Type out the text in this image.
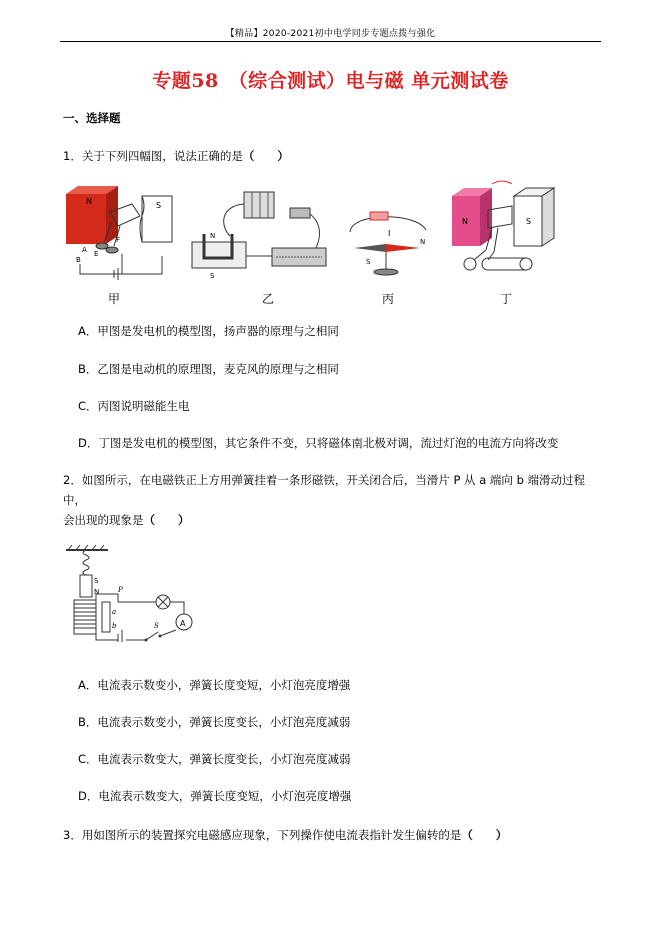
【精品】2020-2021初中电学同步专题点拨与强化
专题58　（综合测试）电与磁 单元测试卷
一、选择题
1．关于下列四幅图，说法正确的是（　　）
N	S
E
F
A
B
甲
N
S
乙
I
N
S
丙
N	S
丁
A．甲图是发电机的模型图，扬声器的原理与之相同
B．乙图是电动机的原理图，麦克风的原理与之相同
C．丙图说明磁能生电
D．丁图是发电机的模型图，其它条件不变，只将磁体南北极对调，流过灯泡的电流方向将改变
2．如图所示，在电磁铁正上方用弹簧挂着一条形磁铁，开关闭合后，当滑片 P 从 a 端向 b 端滑动过程中，
会出现的现象是（　　）
S
N	P
a
b	A
S
A．电流表示数变小，弹簧长度变短，小灯泡亮度增强
B．电流表示数变小，弹簧长度变长，小灯泡亮度减弱
C．电流表示数变大，弹簧长度变长，小灯泡亮度减弱
D．电流表示数变大，弹簧长度变短，小灯泡亮度增强
3．用如图所示的装置探究电磁感应现象，下列操作使电流表指针发生偏转的是（　　）
